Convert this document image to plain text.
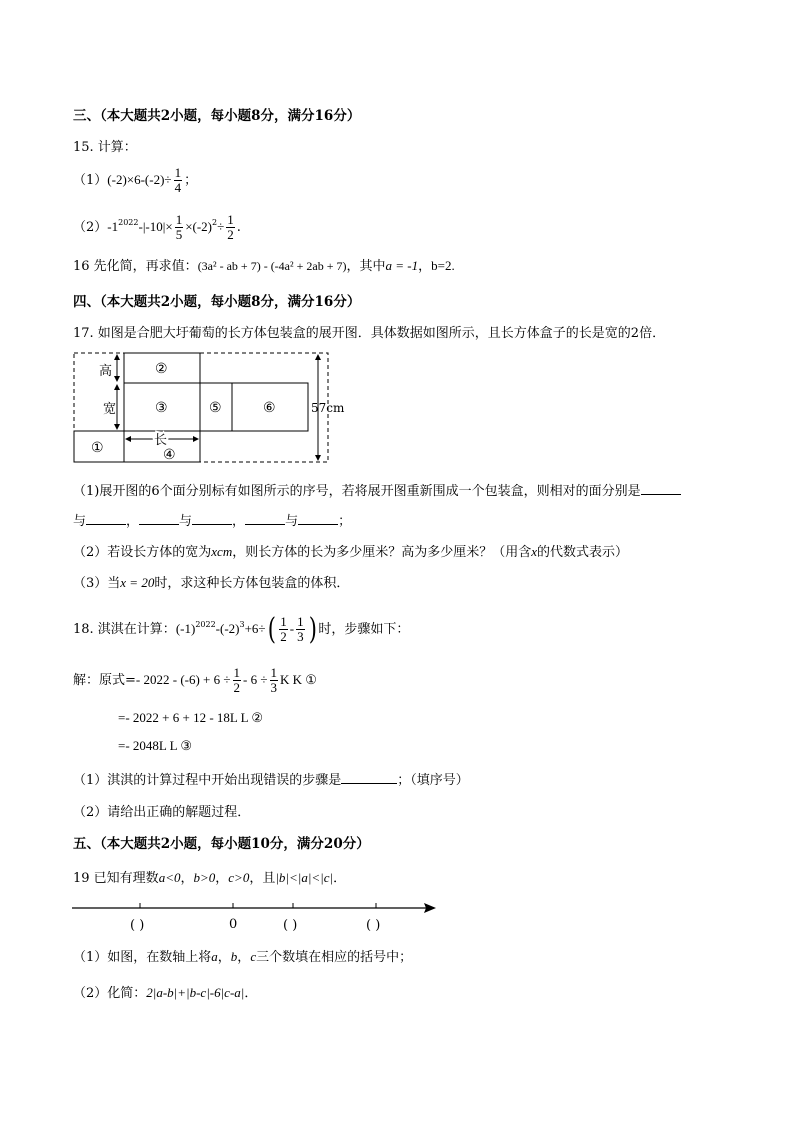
三、（本大题共2小题，每小题8分，满分16分）
15. 计算：
$(1)(-2)\times 6-(-2)\div \frac{1}{4}$ ；
$(2)-1^{2022}-|-10|\times \frac{1}{5} \times(-2)^2\div \frac{1}{2}$ .
16 先化简，再求值：(3a² - ab + 7) - (-4a² + 2ab + 7)，其中a = -1，b=2.
四、（本大题共2小题，每小题8分，满分16分）
17. 如图是合肥大圩葡萄的长方体包装盒的展开图．具体数据如图所示，且长方体盒子的长是宽的2倍．
高
宽
长
57cm
②
③	⑤	⑥
①	④
（1)展开图的6个面分别标有如图所示的序号，若将展开图重新围成一个包装盒，则相对的面分别是
与	，	与	，	与	；
（2）若设长方体的宽为xcm，则长方体的长为多少厘米？高为多少厘米？（用含x的代数式表示）
（3）当x = 20时，求这种长方体包装盒的体积．
18. 淇淇在计算：$(-1)^{2022}-(-2)^3+6\div( \frac{1}{2} - \frac{1}{3}$ ) 时，步骤如下：
解：原式=- $2022 - (-6) + 6 \div \frac{1}{2} - 6 \div \frac{1}{3}$ K K ①
=- 2022 + 6 + 12 - 18L L ②
=- 2048L L ③
（1）淇淇的计算过程中开始出现错误的步骤是	；（填序号）
（2）请给出正确的解题过程．
五、（本大题共2小题，每小题10分，满分20分）
19 已知有理数a<0，b>0，c>0，且|b|<|a|<|c|．
( )	0	( )	( )
（1）如图，在数轴上将a，b，c三个数填在相应的括号中；
（2）化简：2|a-b|+|b-c|-6|c-a|．
